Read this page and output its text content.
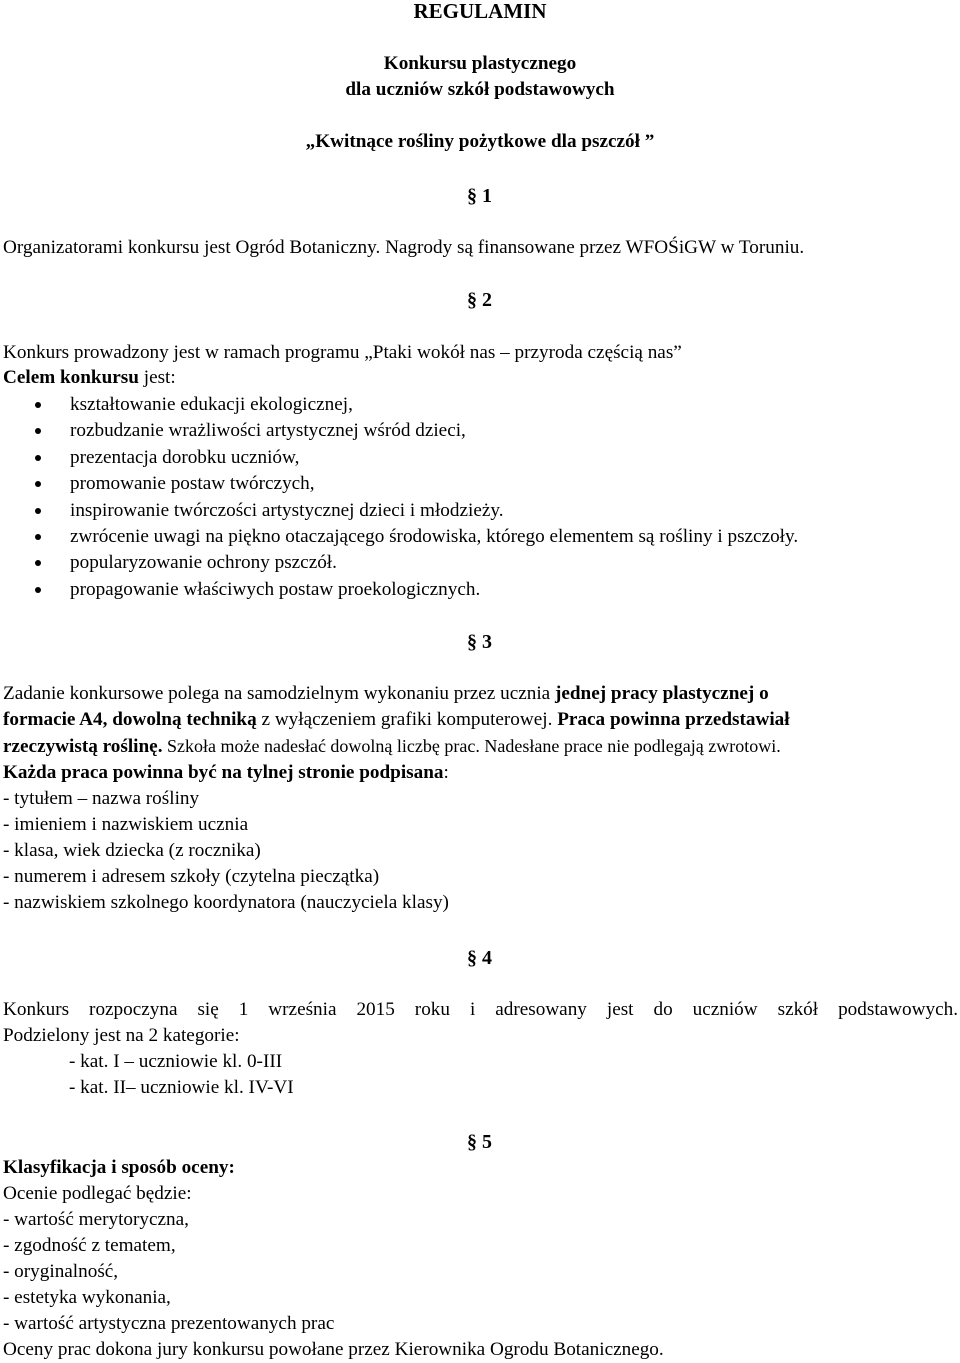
REGULAMIN
Konkursu plastycznego
dla uczniów szkół podstawowych
„Kwitnące rośliny pożytkowe dla pszczół ”
§ 1
Organizatorami konkursu jest Ogród Botaniczny. Nagrody są finansowane przez WFOŚiGW w Toruniu.
§ 2
Konkurs prowadzony jest w ramach programu „Ptaki wokół nas – przyroda częścią nas”
Celem konkursu jest:
kształtowanie edukacji ekologicznej,
rozbudzanie wrażliwości artystycznej wśród dzieci,
prezentacja dorobku uczniów,
promowanie postaw twórczych,
inspirowanie twórczości artystycznej dzieci i młodzieży.
zwrócenie uwagi na piękno otaczającego środowiska, którego elementem są rośliny i pszczoły.
popularyzowanie ochrony pszczół.
propagowanie właściwych postaw proekologicznych.
§ 3
Zadanie konkursowe polega na samodzielnym wykonaniu przez ucznia jednej pracy plastycznej o
formacie A4, dowolną techniką z wyłączeniem grafiki komputerowej. Praca powinna przedstawiał
rzeczywistą roślinę. Szkoła może nadesłać dowolną liczbę prac. Nadesłane prace nie podlegają zwrotowi.
Każda praca powinna być na tylnej stronie podpisana:
- tytułem – nazwa rośliny
- imieniem i nazwiskiem ucznia
- klasa, wiek dziecka (z rocznika)
- numerem i adresem szkoły (czytelna pieczątka)
- nazwiskiem szkolnego koordynatora (nauczyciela klasy)
§ 4
Konkurs rozpoczyna się 1 września 2015 roku i adresowany jest do uczniów szkół podstawowych.
Podzielony jest na 2 kategorie:
- kat. I – uczniowie kl. 0-III
- kat. II– uczniowie kl. IV-VI
§ 5
Klasyfikacja i sposób oceny:
Ocenie podlegać będzie:
- wartość merytoryczna,
- zgodność z tematem,
- oryginalność,
- estetyka wykonania,
- wartość artystyczna prezentowanych prac
Oceny prac dokona jury konkursu powołane przez Kierownika Ogrodu Botanicznego.
